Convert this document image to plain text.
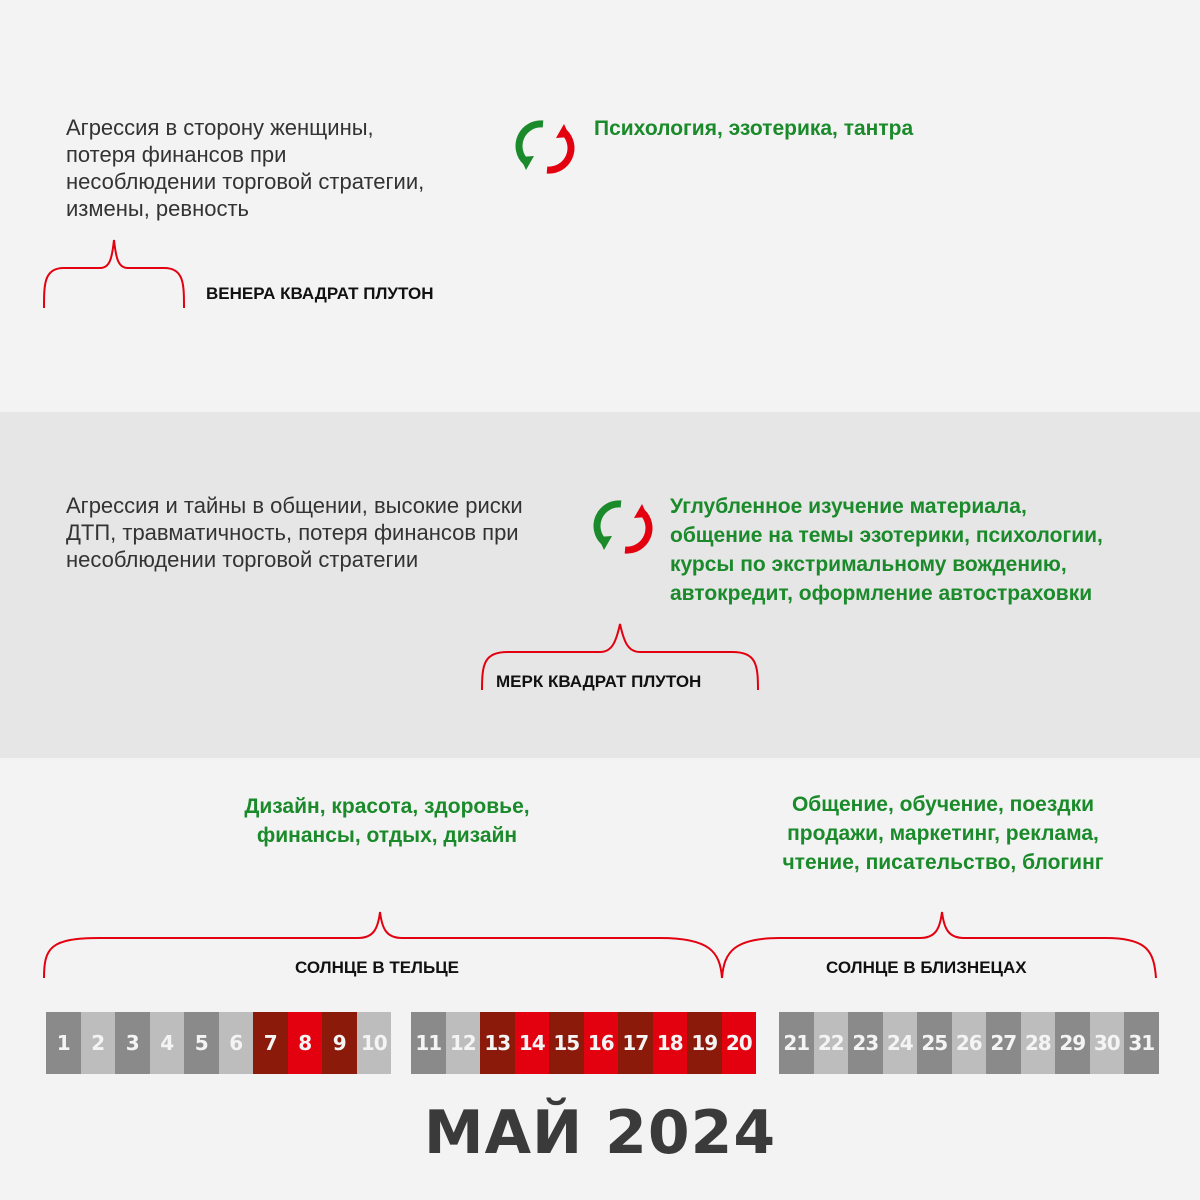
Агрессия в сторону женщины,
потеря финансов при
несоблюдении торговой стратегии,
измены, ревность
Психология, эзотерика, тантра
ВЕНЕРА КВАДРАТ ПЛУТОН
Агрессия и тайны в общении, высокие риски
ДТП, травматичность, потеря финансов при
несоблюдении торговой стратегии
Углубленное изучение материала,
общение на темы эзотерики, психологии,
курсы по экстримальному вождению,
автокредит, оформление автостраховки
МЕРК КВАДРАТ ПЛУТОН
Дизайн, красота, здоровье,
финансы, отдых, дизайн
Общение, обучение, поездки
продажи, маркетинг, реклама,
чтение, писательство, блогинг
СОЛНЦЕ В ТЕЛЬЦЕ	СОЛНЦЕ В БЛИЗНЕЦАХ
1	2	3	4	5	6	7	8	9 10 11 12 13 14 15 16 17 18 19 20 21 22 23 24 25 26 27 28 29 30 31
МАЙ 2024
